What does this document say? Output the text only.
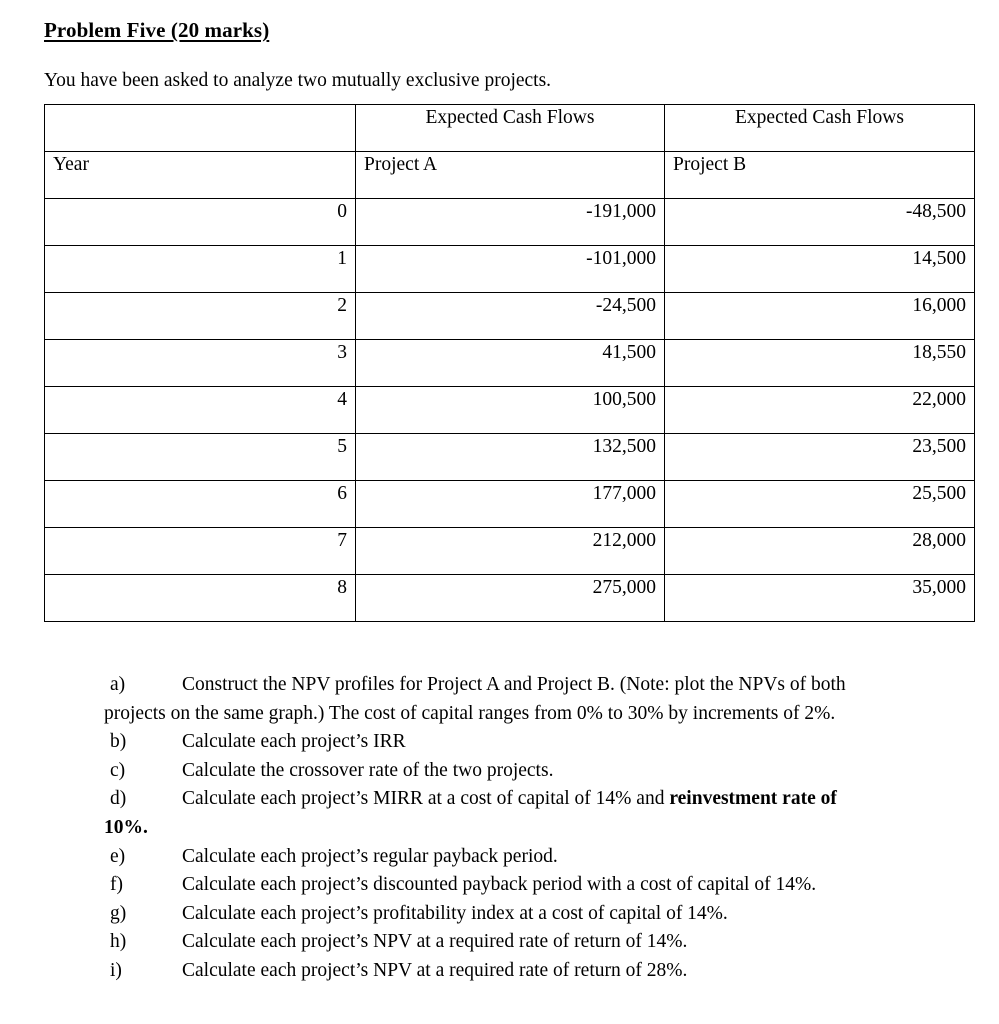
Problem Five (20 marks)

You have been asked to analyze two mutually exclusive projects.

	Expected Cash Flows	Expected Cash Flows
Year	Project A	Project B
0	-191,000	-48,500
1	-101,000	14,500
2	-24,500	16,000
3	41,500	18,550
4	100,500	22,000
5	132,500	23,500
6	177,000	25,500
7	212,000	28,000
8	275,000	35,000
a)	Construct the NPV profiles for Project A and Project B. (Note: plot the NPVs of both
projects on the same graph.) The cost of capital ranges from 0% to 30% by increments of 2%.
b)	Calculate each project’s IRR
c)	Calculate the crossover rate of the two projects.
d)	Calculate each project’s MIRR at a cost of capital of 14% and reinvestment rate of
10%.
e)	Calculate each project’s regular payback period.
f)	Calculate each project’s discounted payback period with a cost of capital of 14%.
g)	Calculate each project’s profitability index at a cost of capital of 14%.
h)	Calculate each project’s NPV at a required rate of return of 14%.
i)	Calculate each project’s NPV at a required rate of return of 28%.
